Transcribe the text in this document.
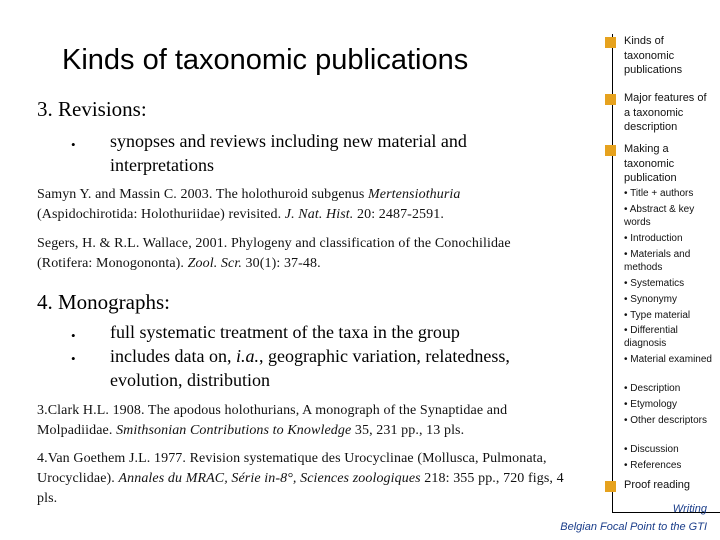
Kinds of taxonomic publications
3. Revisions:
• synopses and reviews including new material and interpretations
Samyn Y. and Massin C. 2003. The holothuroid subgenus Mertensiothuria (Aspidochirotida: Holothuriidae) revisited. J. Nat. Hist. 20: 2487-2591.
Segers, H. & R.L. Wallace, 2001. Phylogeny and classification of the Conochilidae (Rotifera: Monogononta). Zool. Scr. 30(1): 37-48.
4. Monographs:
• full systematic treatment of the taxa in the group
• includes data on, i.a., geographic variation, relatedness, evolution, distribution
3.Clark H.L. 1908. The apodous holothurians, A monograph of the Synaptidae and Molpadiidae. Smithsonian Contributions to Knowledge 35, 231 pp., 13 pls.
4.Van Goethem J.L. 1977. Revision systematique des Urocyclinae (Mollusca, Pulmonata, Urocyclidae). Annales du MRAC, Série in-8°, Sciences zoologiques 218: 355 pp., 720 figs, 4 pls.
Kinds of taxonomic publications
Major features of a taxonomic description
Making a taxonomic publication
• Title + authors
• Abstract & key words
• Introduction
• Materials and methods
• Systematics
• Synonymy
• Type material
• Differential diagnosis
• Material examined
• Description
• Etymology
• Other descriptors
• Discussion
• References
Proof reading
Writing
Belgian Focal Point to the GTI
